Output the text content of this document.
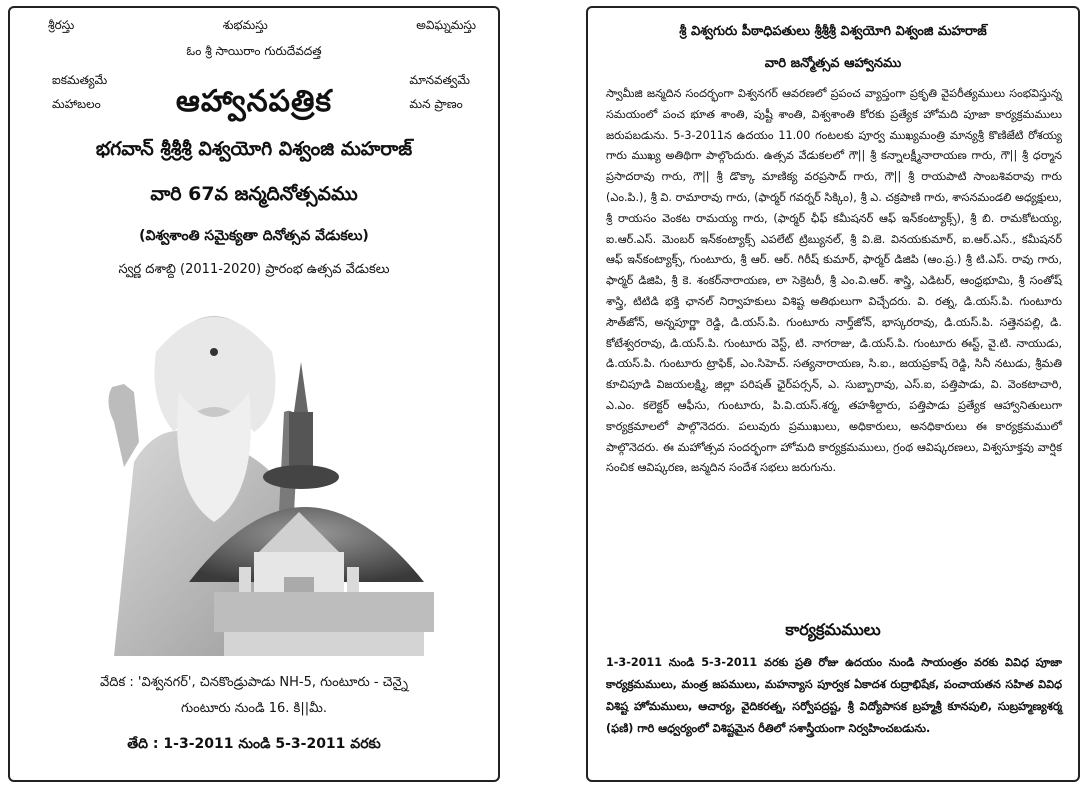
శ్రీరస్తు	శుభమస్తు	అవిఘ్నమస్తు
ఓం శ్రీ సాయిరాం గురుదేవదత్త
ఐకమత్యమే
మహాబలం
మానవత్వమే
మన ప్రాణం
ఆహ్వానపత్రిక
భగవాన్ శ్రీశ్రీశ్రీ విశ్వయోగి విశ్వంజి మహరాజ్
వారి 67వ జన్మదినోత్సవము
(విశ్వశాంతి సమైక్యతా దినోత్సవ వేడుకలు)
స్వర్ణ దశాబ్ది (2011-2020) ప్రారంభ ఉత్సవ వేడుకలు
వేదిక : 'విశ్వనగర్', చినకొండ్రుపాడు NH-5, గుంటూరు - చెన్నై
గుంటూరు నుండి 16. కి||మీ.
తేది : 1-3-2011 నుండి 5-3-2011 వరకు
శ్రీ విశ్వగురు పీఠాధిపతులు శ్రీశ్రీశ్రీ విశ్వయోగి విశ్వంజి మహరాజ్
వారి జన్మోత్సవ ఆహ్వానము

స్వామీజి జన్మదిన సందర్భంగా విశ్వనగర్ ఆవరణలో ప్రపంచ వ్యాప్తంగా ప్రకృతి వైపరీత్యములు సంభవిస్తున్న సమయంలో పంచ భూత శాంతి, పుష్టీ శాంతి, విశ్వశాంతి కోరకు ప్రత్యేక హోమది పూజా కార్యక్రమములు జరుపబడును. 5-3-2011న ఉదయం 11.00 గంటలకు పూర్వ ముఖ్యమంత్రి మాన్యశ్రీ కొణిజేటి రోశయ్య గారు ముఖ్య అతిథిగా పాల్గొందురు. ఉత్సవ వేడుకలలో గౌ|| శ్రీ కన్నాలక్ష్మీనారాయణ గారు, గౌ|| శ్రీ ధర్మాన ప్రసాదరావు గారు, గౌ|| శ్రీ డొక్కా మాణిక్య వరప్రసాద్ గారు, గౌ|| శ్రీ రాయపాటి సాంబశివరావు గారు (ఎం.పి.), శ్రీ వి. రామారావు గారు, (ఫార్మర్ గవర్నర్ సిక్కిం), శ్రీ ఎ. చక్రపాణి గారు, శాసనమండలి అధ్యక్షులు, శ్రీ రాయసం వెంకట రామయ్య గారు, (ఫార్మర్ ఛీఫ్ కమీషనర్ ఆఫ్ ఇన్‌కంట్యాక్స్), శ్రీ బి. రామకోటయ్య, ఐ.ఆర్.ఎస్. మెంబర్ ఇన్‌కంట్యాక్స్ ఎపలేట్ ట్రిబ్యునల్, శ్రీ వి.జె. వినయకుమార్, ఐ.ఆర్.ఎస్., కమీషనర్ ఆఫ్ ఇన్‌కంట్యాక్స్, గుంటూరు, శ్రీ ఆర్. ఆర్. గిరీష్ కుమార్, ఫార్మర్ డిజిపి (ఆం.ప్ర.) శ్రీ టి.ఎస్. రావు గారు, ఫార్మర్ డిజిపి, శ్రీ కె. శంకర్‌నారాయణ, లా సెక్రెటరీ, శ్రీ ఎం.వి.ఆర్. శాస్త్రి, ఎడిటర్, ఆంధ్రభూమి, శ్రీ సంతోష్ శాస్త్రి, టిటిడి భక్తి ఛానల్ నిర్వాహకులు విశిష్ట అతిథులుగా విచ్చేదరు. వి. రత్న, డి.యస్.పి. గుంటూరు సౌత్‌జోన్, అన్నపూర్ణా రెడ్డి, డి.యస్.పి. గుంటూరు నార్త్‌జోన్, భాస్కరరావు, డి.యస్.పి. సత్తెనపల్లి, డి. కోటేశ్వరరావు, డి.యస్.పి. గుంటూరు వెస్ట్, టి. నాగరాజు, డి.యస్.పి. గుంటూరు ఈస్ట్, వై.టి. నాయుడు, డి.యస్.పి. గుంటూరు ట్రాఫిక్, ఎం.సిహెచ్. సత్యనారాయణ, సి.ఐ., జయప్రకాష్ రెడ్డి, సినీ నటుడు, శ్రీమతి కూచిపూడి విజయలక్ష్మి, జిల్లా పరిషత్ ఛైర్‌పర్సన్, ఎ. సుబ్బారావు, ఎస్.ఐ, పత్తిపాడు, వి. వెంకటాచారి, ఎ.ఎం. కలెక్టర్ ఆఫీసు, గుంటూరు, పి.వి.యస్.శర్మ, తహశీల్దారు, పత్తిపాడు ప్రత్యేక ఆహ్వానితులుగా కార్యక్రమాలలో పాల్గొనెదరు. పలువురు ప్రముఖులు, అధికారులు, అనధికారులు ఈ కార్యక్రమములో పాల్గొనెదరు. ఈ మహోత్సవ సందర్భంగా హోమది కార్యక్రమములు, గ్రంథ ఆవిష్కరణలు, విశ్వసూక్తవు వార్షిక సంచిక ఆవిష్కరణ, జన్మదిన సందేశ సభలు జరుగును.

కార్యక్రమములు

1-3-2011 నుండి 5-3-2011 వరకు ప్రతి రోజు ఉదయం నుండి సాయంత్రం వరకు వివిధ పూజా కార్యక్రమములు, మంత్ర జపములు, మహన్యాస పూర్వక ఏకాదశ రుద్రాభిషేక, పంచాయతన సహిత వివిధ విశిష్ట హోమములు, ఆచార్య, వైదికరత్న, సర్వోపద్రష్ట, శ్రీ విద్యోపాసక బ్రహ్మశ్రీ కూనపులి, సుబ్రహ్మణ్యశర్మ (ఫణి) గారి ఆధ్వర్యంలో విశిష్టమైన రీతిలో సశాస్త్రీయంగా నిర్వహించబడును.
